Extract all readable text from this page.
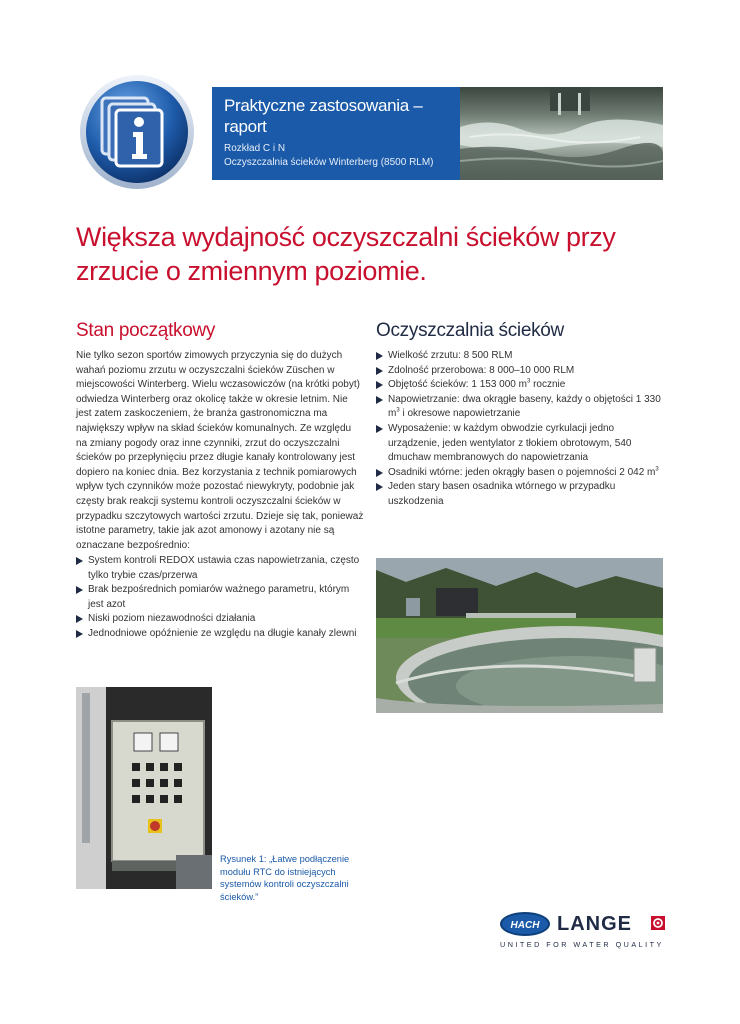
Praktyczne zastosowania – raport
Rozkład C i N
Oczyszczalnia ścieków Winterberg (8500 RLM)
Większa wydajność oczyszczalni ścieków przy zrzucie o zmiennym poziomie.
Stan początkowy

Nie tylko sezon sportów zimowych przyczynia się do dużych wahań poziomu zrzutu w oczyszczalni ścieków Züschen w miejscowości Winterberg. Wielu wczasowiczów (na krótki pobyt) odwiedza Winterberg oraz okolicę także w okresie letnim. Nie jest zatem zaskoczeniem, że branża gastronomiczna ma największy wpływ na skład ścieków komunalnych. Ze względu na zmiany pogody oraz inne czynniki, zrzut do oczyszczalni ścieków po przepłynięciu przez długie kanały kontrolowany jest dopiero na koniec dnia. Bez korzystania z technik pomiarowych wpływ tych czynników może pozostać niewykryty, podobnie jak częsty brak reakcji systemu kontroli oczyszczalni ścieków w przypadku szczytowych wartości zrzutu. Dzieje się tak, ponieważ istotne parametry, takie jak azot amonowy i azotany nie są oznaczane bezpośrednio:

System kontroli REDOX ustawia czas napowietrzania, często tylko trybie czas/przerwa
Brak bezpośrednich pomiarów ważnego parametru, którym jest azot
Niski poziom niezawodności działania
Jednodniowe opóźnienie ze względu na długie kanały zlewni
Oczyszczalnia ścieków
Wielkość zrzutu: 8 500 RLM
Zdolność przerobowa: 8 000–10 000 RLM
Objętość ścieków: 1 153 000 $m^3$ rocznie
Napowietrzanie: dwa okrągłe baseny, każdy o objętości 1 330 $m^3$ i okresowe napowietrzanie
Wyposażenie: w każdym obwodzie cyrkulacji jedno urządzenie, jeden wentylator z tłokiem obrotowym, 540 dmuchaw membranowych do napowietrzania
Osadniki wtórne: jeden okrągły basen o pojemności 2 042 $m^3$
Jeden stary basen osadnika wtórnego w przypadku uszkodzenia

Rysunek 1: „Łatwe podłączenie modułu RTC do istniejących systemów kontroli oczyszczalni ścieków.”

HACH LANGE
UNITED FOR WATER QUALITY
